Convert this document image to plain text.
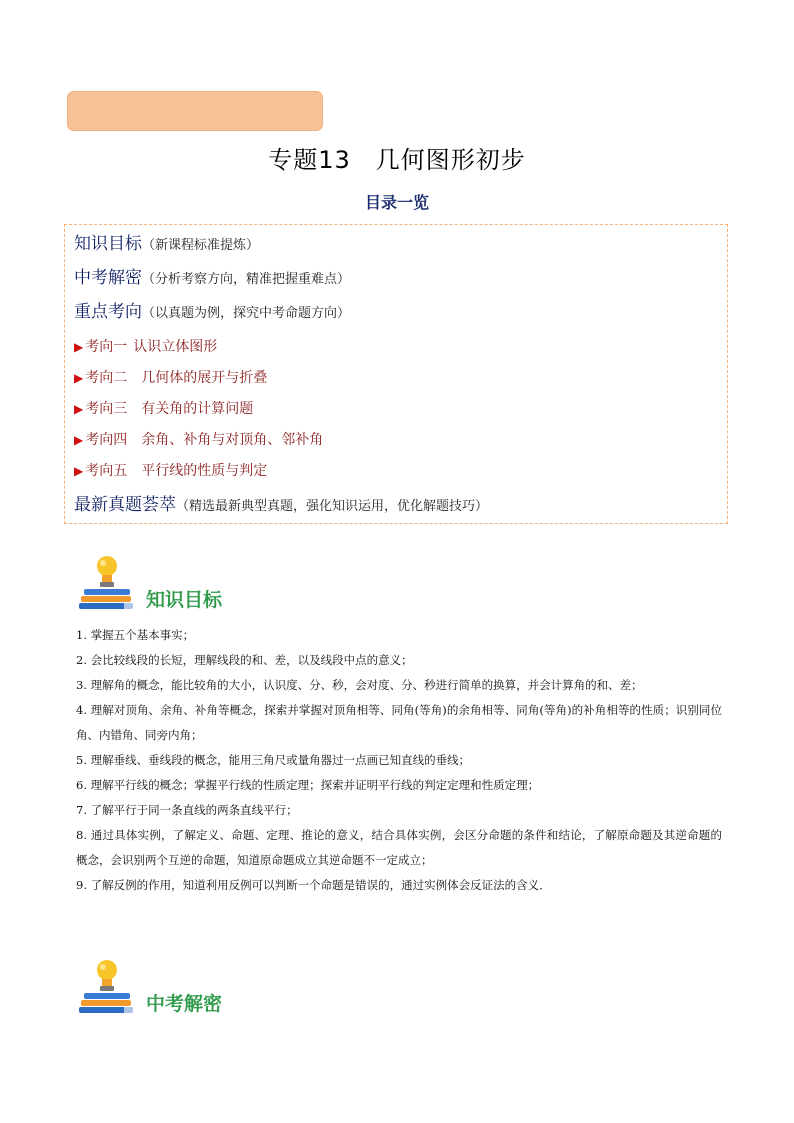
专题13　几何图形初步
目录一览
知识目标（新课程标准提炼）
中考解密（分析考察方向，精准把握重难点）
重点考向（以真题为例，探究中考命题方向）
▶ 考向一 认识立体图形
▶ 考向二 几何体的展开与折叠
▶ 考向三 有关角的计算问题
▶ 考向四 余角、补角与对顶角、邻补角
▶ 考向五 平行线的性质与判定
最新真题荟萃（精选最新典型真题，强化知识运用，优化解题技巧）
知识目标

1. 掌握五个基本事实；

2. 会比较线段的长短，理解线段的和、差，以及线段中点的意义；

3. 理解角的概念，能比较角的大小，认识度、分、秒，会对度、分、秒进行简单的换算，并会计算角的和、差；

4. 理解对顶角、余角、补角等概念，探索并掌握对顶角相等、同角(等角)的余角相等、同角(等角)的补角相等的性质；识别同位角、内错角、同旁内角；

5. 理解垂线、垂线段的概念，能用三角尺或量角器过一点画已知直线的垂线；

6. 理解平行线的概念；掌握平行线的性质定理；探索并证明平行线的判定定理和性质定理；

7. 了解平行于同一条直线的两条直线平行；

8. 通过具体实例，了解定义、命题、定理、推论的意义，结合具体实例，会区分命题的条件和结论，了解原命题及其逆命题的概念，会识别两个互逆的命题，知道原命题成立其逆命题不一定成立；

9. 了解反例的作用，知道利用反例可以判断一个命题是错误的，通过实例体会反证法的含义．

中考解密
